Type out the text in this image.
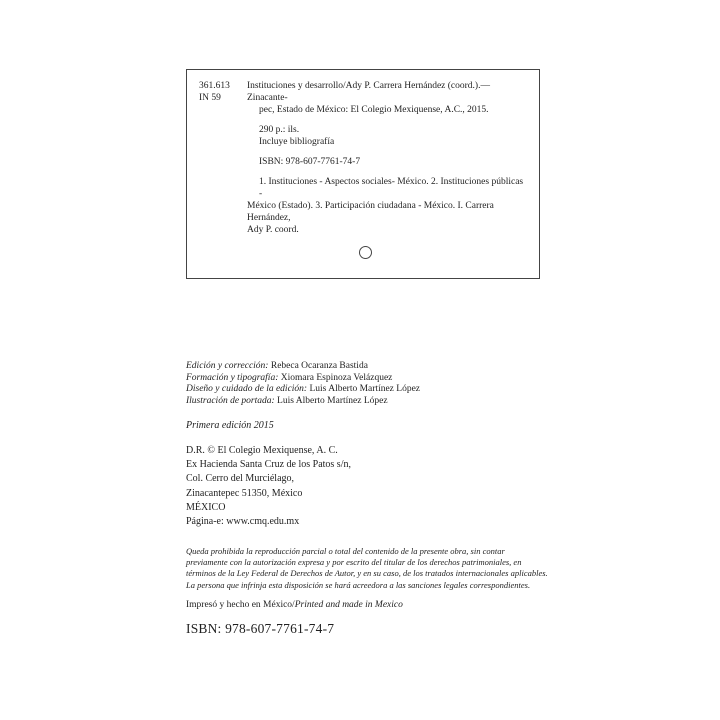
361.613
IN 59

Instituciones y desarrollo/Ady P. Carrera Hernández (coord.).— Zinacante-

pec, Estado de México: El Colegio Mexiquense, A.C., 2015.

290 p.: ils.

Incluye bibliografía

ISBN: 978-607-7761-74-7

1. Instituciones - Aspectos sociales- México. 2. Instituciones públicas -

México (Estado). 3. Participación ciudadana - México. I. Carrera Hernández,

Ady P. coord.

Edición y corrección: Rebeca Ocaranza Bastida
Formación y tipografía: Xiomara Espinoza Velázquez
Diseño y cuidado de la edición: Luis Alberto Martínez López
Ilustración de portada: Luis Alberto Martínez López
Primera edición 2015
D.R. © El Colegio Mexiquense, A. C.
Ex Hacienda Santa Cruz de los Patos s/n,
Col. Cerro del Murciélago,
Zinacantepec 51350, México
MÉXICO
Página-e: www.cmq.edu.mx
Queda prohibida la reproducción parcial o total del contenido de la presente obra, sin contar previamente con la autorización expresa y por escrito del titular de los derechos patrimoniales, en términos de la Ley Federal de Derechos de Autor, y en su caso, de los tratados internacionales aplicables. La persona que infrinja esta disposición se hará acreedora a las sanciones legales correspondientes.
Impresó y hecho en México/Printed and made in Mexico
ISBN: 978-607-7761-74-7
